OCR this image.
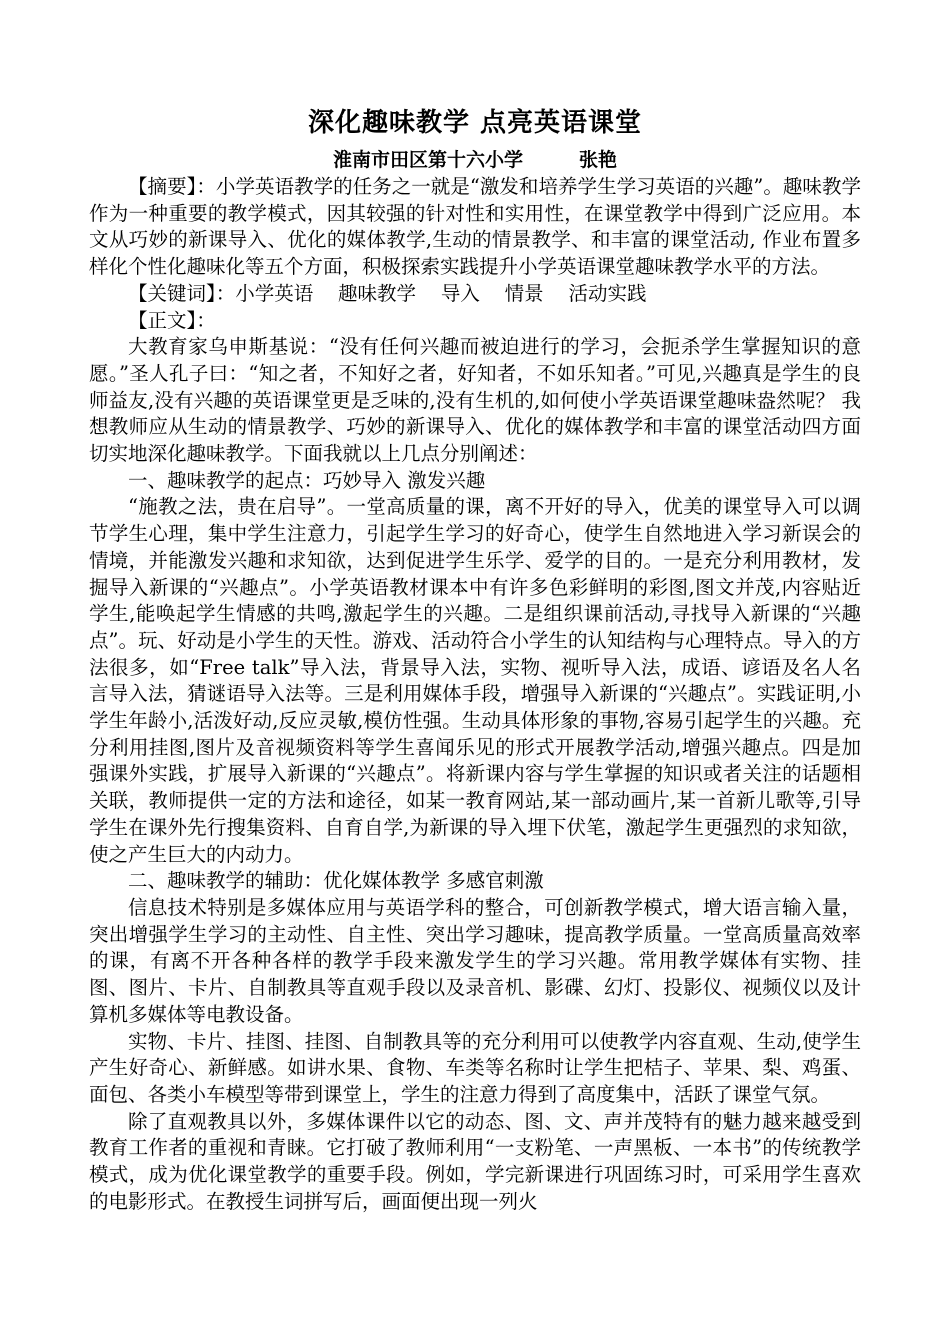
深化趣味教学 点亮英语课堂

淮南市田区第十六小学	张艳

【摘要】：小学英语教学的任务之一就是“激发和培养学生学习英语的兴趣”。趣味教学作为一种重要的教学模式，因其较强的针对性和实用性，在课堂教学中得到广泛应用。本文从巧妙的新课导入、优化的媒体教学,生动的情景教学、和丰富的课堂活动, 作业布置多样化个性化趣味化等五个方面，积极探索实践提升小学英语课堂趣味教学水平的方法。

【关键词】：小学英语    趣味教学    导入    情景    活动实践

【正文】：

大教育家乌申斯基说：“没有任何兴趣而被迫进行的学习，会扼杀学生掌握知识的意愿。”圣人孔子曰：“知之者，不知好之者，好知者，不如乐知者。”可见,兴趣真是学生的良师益友,没有兴趣的英语课堂更是乏味的,没有生机的,如何使小学英语课堂趣味盎然呢？ 我想教师应从生动的情景教学、巧妙的新课导入、优化的媒体教学和丰富的课堂活动四方面切实地深化趣味教学。下面我就以上几点分别阐述：

一、趣味教学的起点：巧妙导入 激发兴趣

“施教之法，贵在启导”。一堂高质量的课，离不开好的导入，优美的课堂导入可以调节学生心理，集中学生注意力，引起学生学习的好奇心，使学生自然地进入学习新误会的情境，并能激发兴趣和求知欲，达到促进学生乐学、爱学的目的。一是充分利用教材，发掘导入新课的“兴趣点”。小学英语教材课本中有许多色彩鲜明的彩图,图文并茂,内容贴近学生,能唤起学生情感的共鸣,激起学生的兴趣。二是组织课前活动,寻找导入新课的“兴趣点”。玩、好动是小学生的天性。游戏、活动符合小学生的认知结构与心理特点。导入的方法很多，如“Free talk”导入法，背景导入法，实物、视听导入法，成语、谚语及名人名言导入法，猜谜语导入法等。三是利用媒体手段，增强导入新课的“兴趣点”。实践证明,小学生年龄小,活泼好动,反应灵敏,模仿性强。生动具体形象的事物,容易引起学生的兴趣。充分利用挂图,图片及音视频资料等学生喜闻乐见的形式开展教学活动,增强兴趣点。四是加强课外实践，扩展导入新课的“兴趣点”。将新课内容与学生掌握的知识或者关注的话题相关联，教师提供一定的方法和途径，如某一教育网站,某一部动画片,某一首新儿歌等,引导学生在课外先行搜集资料、自育自学,为新课的导入埋下伏笔，激起学生更强烈的求知欲，使之产生巨大的内动力。

二、趣味教学的辅助：优化媒体教学 多感官刺激

信息技术特别是多媒体应用与英语学科的整合，可创新教学模式，增大语言输入量，突出增强学生学习的主动性、自主性、突出学习趣味，提高教学质量。一堂高质量高效率的课，有离不开各种各样的教学手段来激发学生的学习兴趣。常用教学媒体有实物、挂图、图片、卡片、自制教具等直观手段以及录音机、影碟、幻灯、投影仪、视频仪以及计算机多媒体等电教设备。

实物、卡片、挂图、挂图、自制教具等的充分利用可以使教学内容直观、生动,使学生产生好奇心、新鲜感。如讲水果、食物、车类等名称时让学生把桔子、苹果、梨、鸡蛋、面包、各类小车模型等带到课堂上，学生的注意力得到了高度集中，活跃了课堂气氛。

除了直观教具以外，多媒体课件以它的动态、图、文、声并茂特有的魅力越来越受到教育工作者的重视和青睐。它打破了教师利用“一支粉笔、一声黑板、一本书”的传统教学模式，成为优化课堂教学的重要手段。例如，学完新课进行巩固练习时，可采用学生喜欢的电影形式。在教授生词拼写后，画面便出现一列火
